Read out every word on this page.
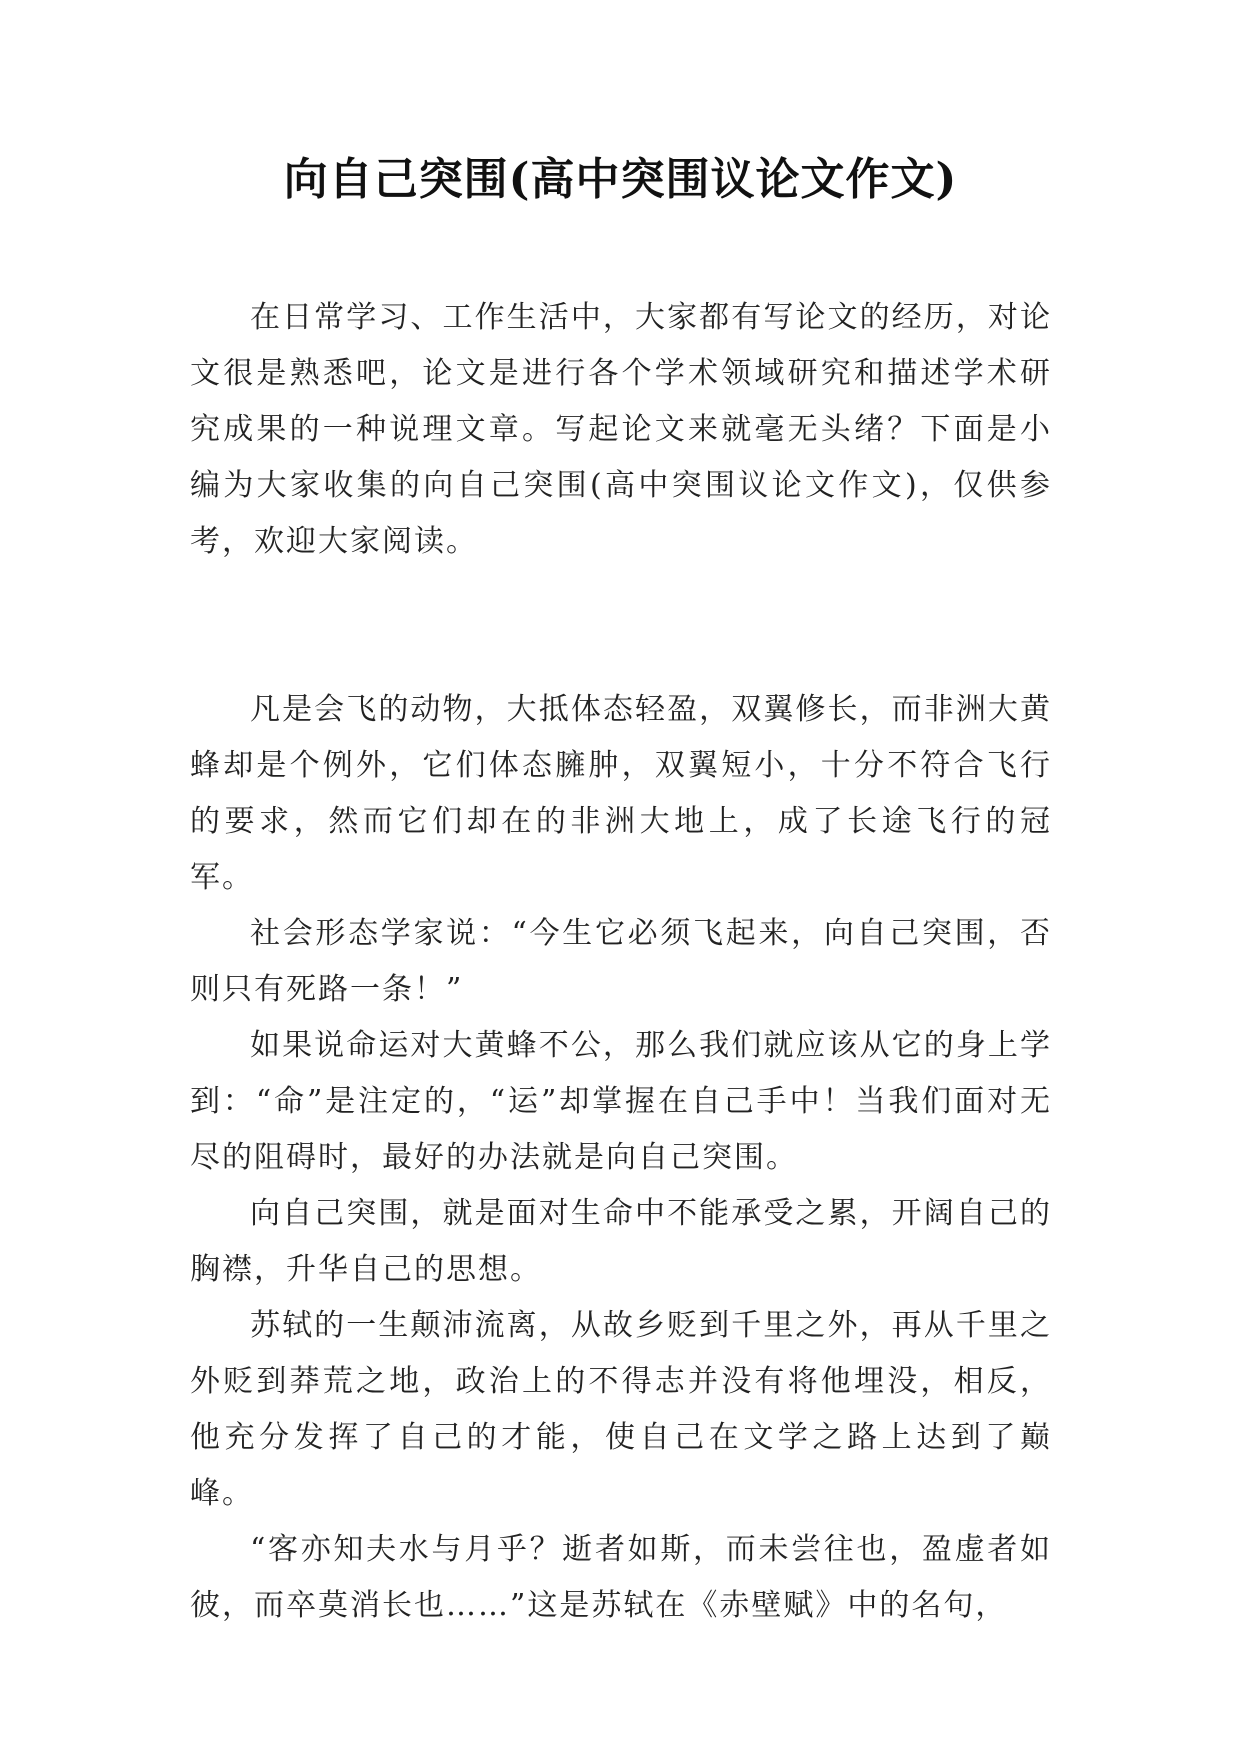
向自己突围(高中突围议论文作文)

在日常学习、工作生活中，大家都有写论文的经历，对论文很是熟悉吧，论文是进行各个学术领域研究和描述学术研究成果的一种说理文章。写起论文来就毫无头绪？下面是小编为大家收集的向自己突围(高中突围议论文作文)，仅供参考，欢迎大家阅读。

凡是会飞的动物，大抵体态轻盈，双翼修长，而非洲大黄蜂却是个例外，它们体态臃肿，双翼短小，十分不符合飞行的要求，然而它们却在的非洲大地上，成了长途飞行的冠军。

社会形态学家说：“今生它必须飞起来，向自己突围，否则只有死路一条！”

如果说命运对大黄蜂不公，那么我们就应该从它的身上学到：“命”是注定的，“运”却掌握在自己手中！当我们面对无尽的阻碍时，最好的办法就是向自己突围。

向自己突围，就是面对生命中不能承受之累，开阔自己的胸襟，升华自己的思想。

苏轼的一生颠沛流离，从故乡贬到千里之外，再从千里之外贬到莽荒之地，政治上的不得志并没有将他埋没，相反，他充分发挥了自己的才能，使自己在文学之路上达到了巅峰。

“客亦知夫水与月乎？逝者如斯，而未尝往也，盈虚者如彼，而卒莫消长也……”这是苏轼在《赤壁赋》中的名句，
